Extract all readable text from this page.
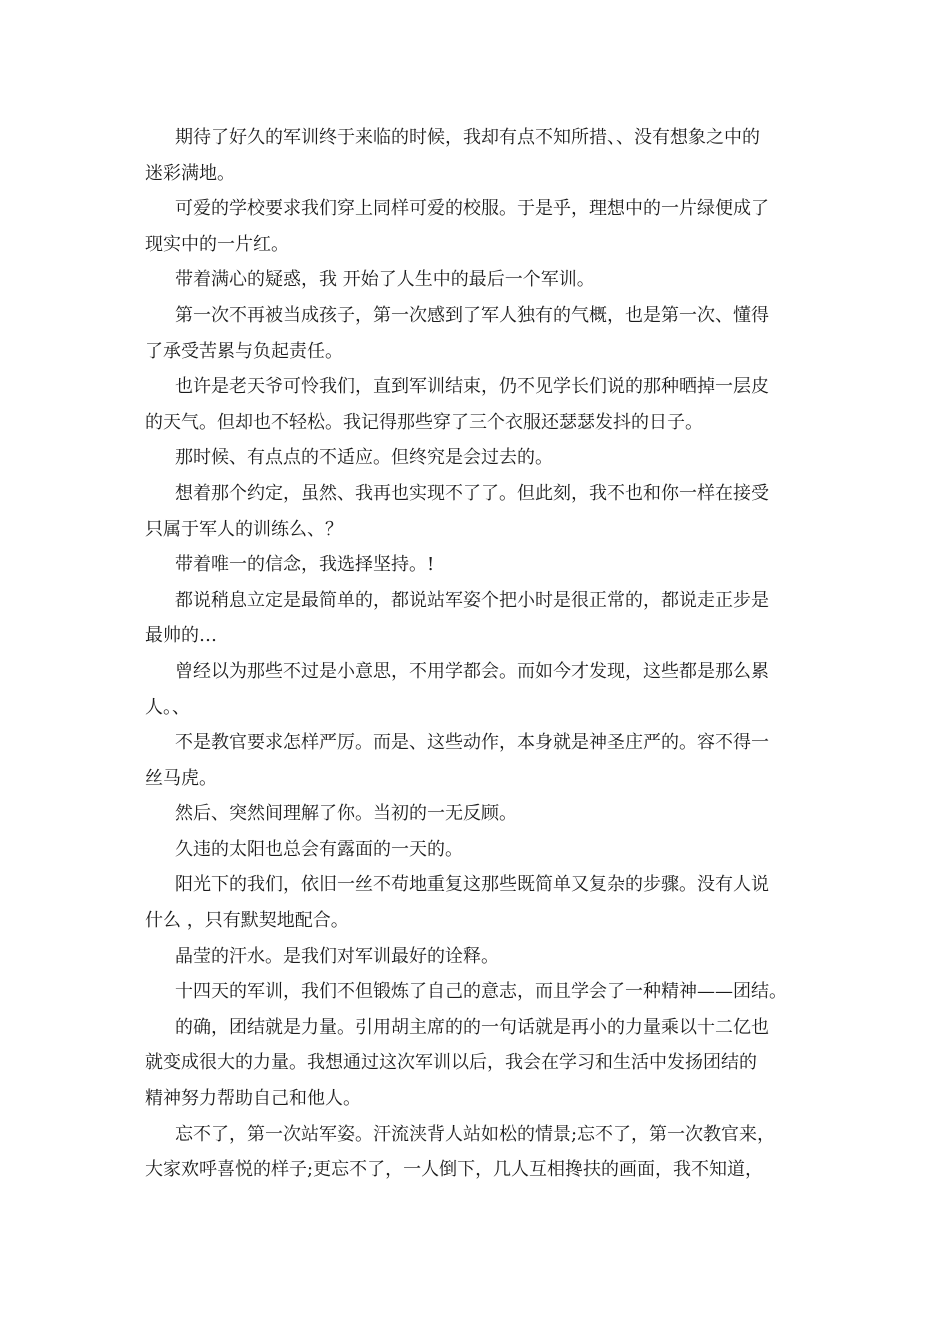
期待了好久的军训终于来临的时候，我却有点不知所措、、没有想象之中的
迷彩满地。
可爱的学校要求我们穿上同样可爱的校服。于是乎，理想中的一片绿便成了
现实中的一片红。
带着满心的疑惑，我 开始了人生中的最后一个军训。
第一次不再被当成孩子，第一次感到了军人独有的气概，也是第一次、懂得
了承受苦累与负起责任。
也许是老天爷可怜我们，直到军训结束，仍不见学长们说的那种晒掉一层皮
的天气。但却也不轻松。我记得那些穿了三个衣服还瑟瑟发抖的日子。
那时候、有点点的不适应。但终究是会过去的。
想着那个约定，虽然、我再也实现不了了。但此刻，我不也和你一样在接受
只属于军人的训练么、？
带着唯一的信念，我选择坚持。!
都说稍息立定是最简单的，都说站军姿个把小时是很正常的，都说走正步是
最帅的…
曾经以为那些不过是小意思，不用学都会。而如今才发现，这些都是那么累
人。、
不是教官要求怎样严厉。而是、这些动作，本身就是神圣庄严的。容不得一
丝马虎。
然后、突然间理解了你。当初的一无反顾。
久违的太阳也总会有露面的一天的。
阳光下的我们，依旧一丝不苟地重复这那些既简单又复杂的步骤。没有人说
什么 ，只有默契地配合。
晶莹的汗水。是我们对军训最好的诠释。
十四天的军训，我们不但锻炼了自己的意志，而且学会了一种精神——团结。
的确，团结就是力量。引用胡主席的的一句话就是再小的力量乘以十二亿也
就变成很大的力量。我想通过这次军训以后，我会在学习和生活中发扬团结的
精神努力帮助自己和他人。
忘不了，第一次站军姿。汗流浃背人站如松的情景;忘不了，第一次教官来，
大家欢呼喜悦的样子;更忘不了，一人倒下，几人互相搀扶的画面，我不知道，
